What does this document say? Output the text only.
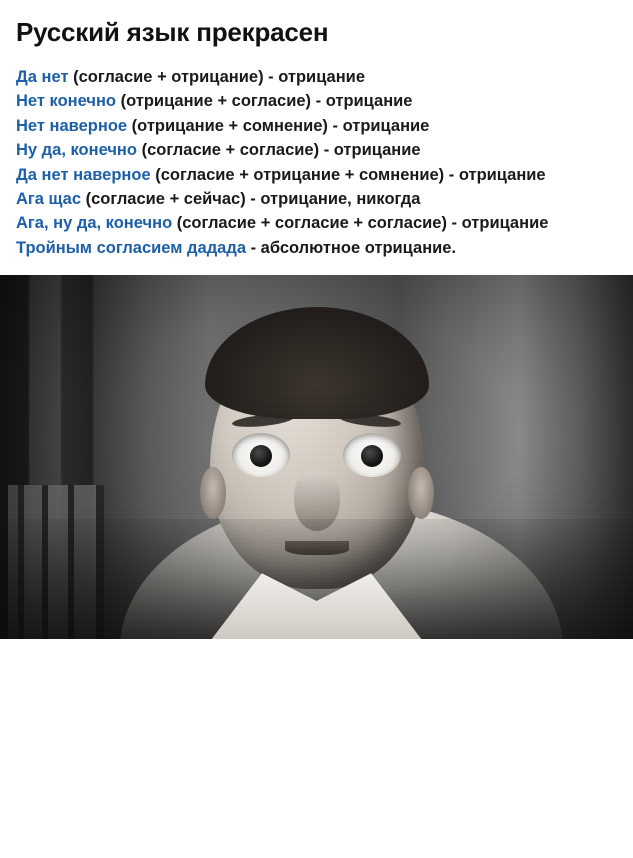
Русский язык прекрасен

Да нет (согласие + отрицание) - отрицание

Нет конечно (отрицание + согласие) - отрицание

Нет наверное (отрицание + сомнение) - отрицание

Ну да, конечно (согласие + согласие) - отрицание

Да нет наверное (согласие + отрицание + сомнение) - отрицание

Ага щас (согласие + сейчас) - отрицание, никогда

Ага, ну да, конечно (согласие + согласие + согласие) - отрицание

Тройным согласием дадада - абсолютное отрицание.
